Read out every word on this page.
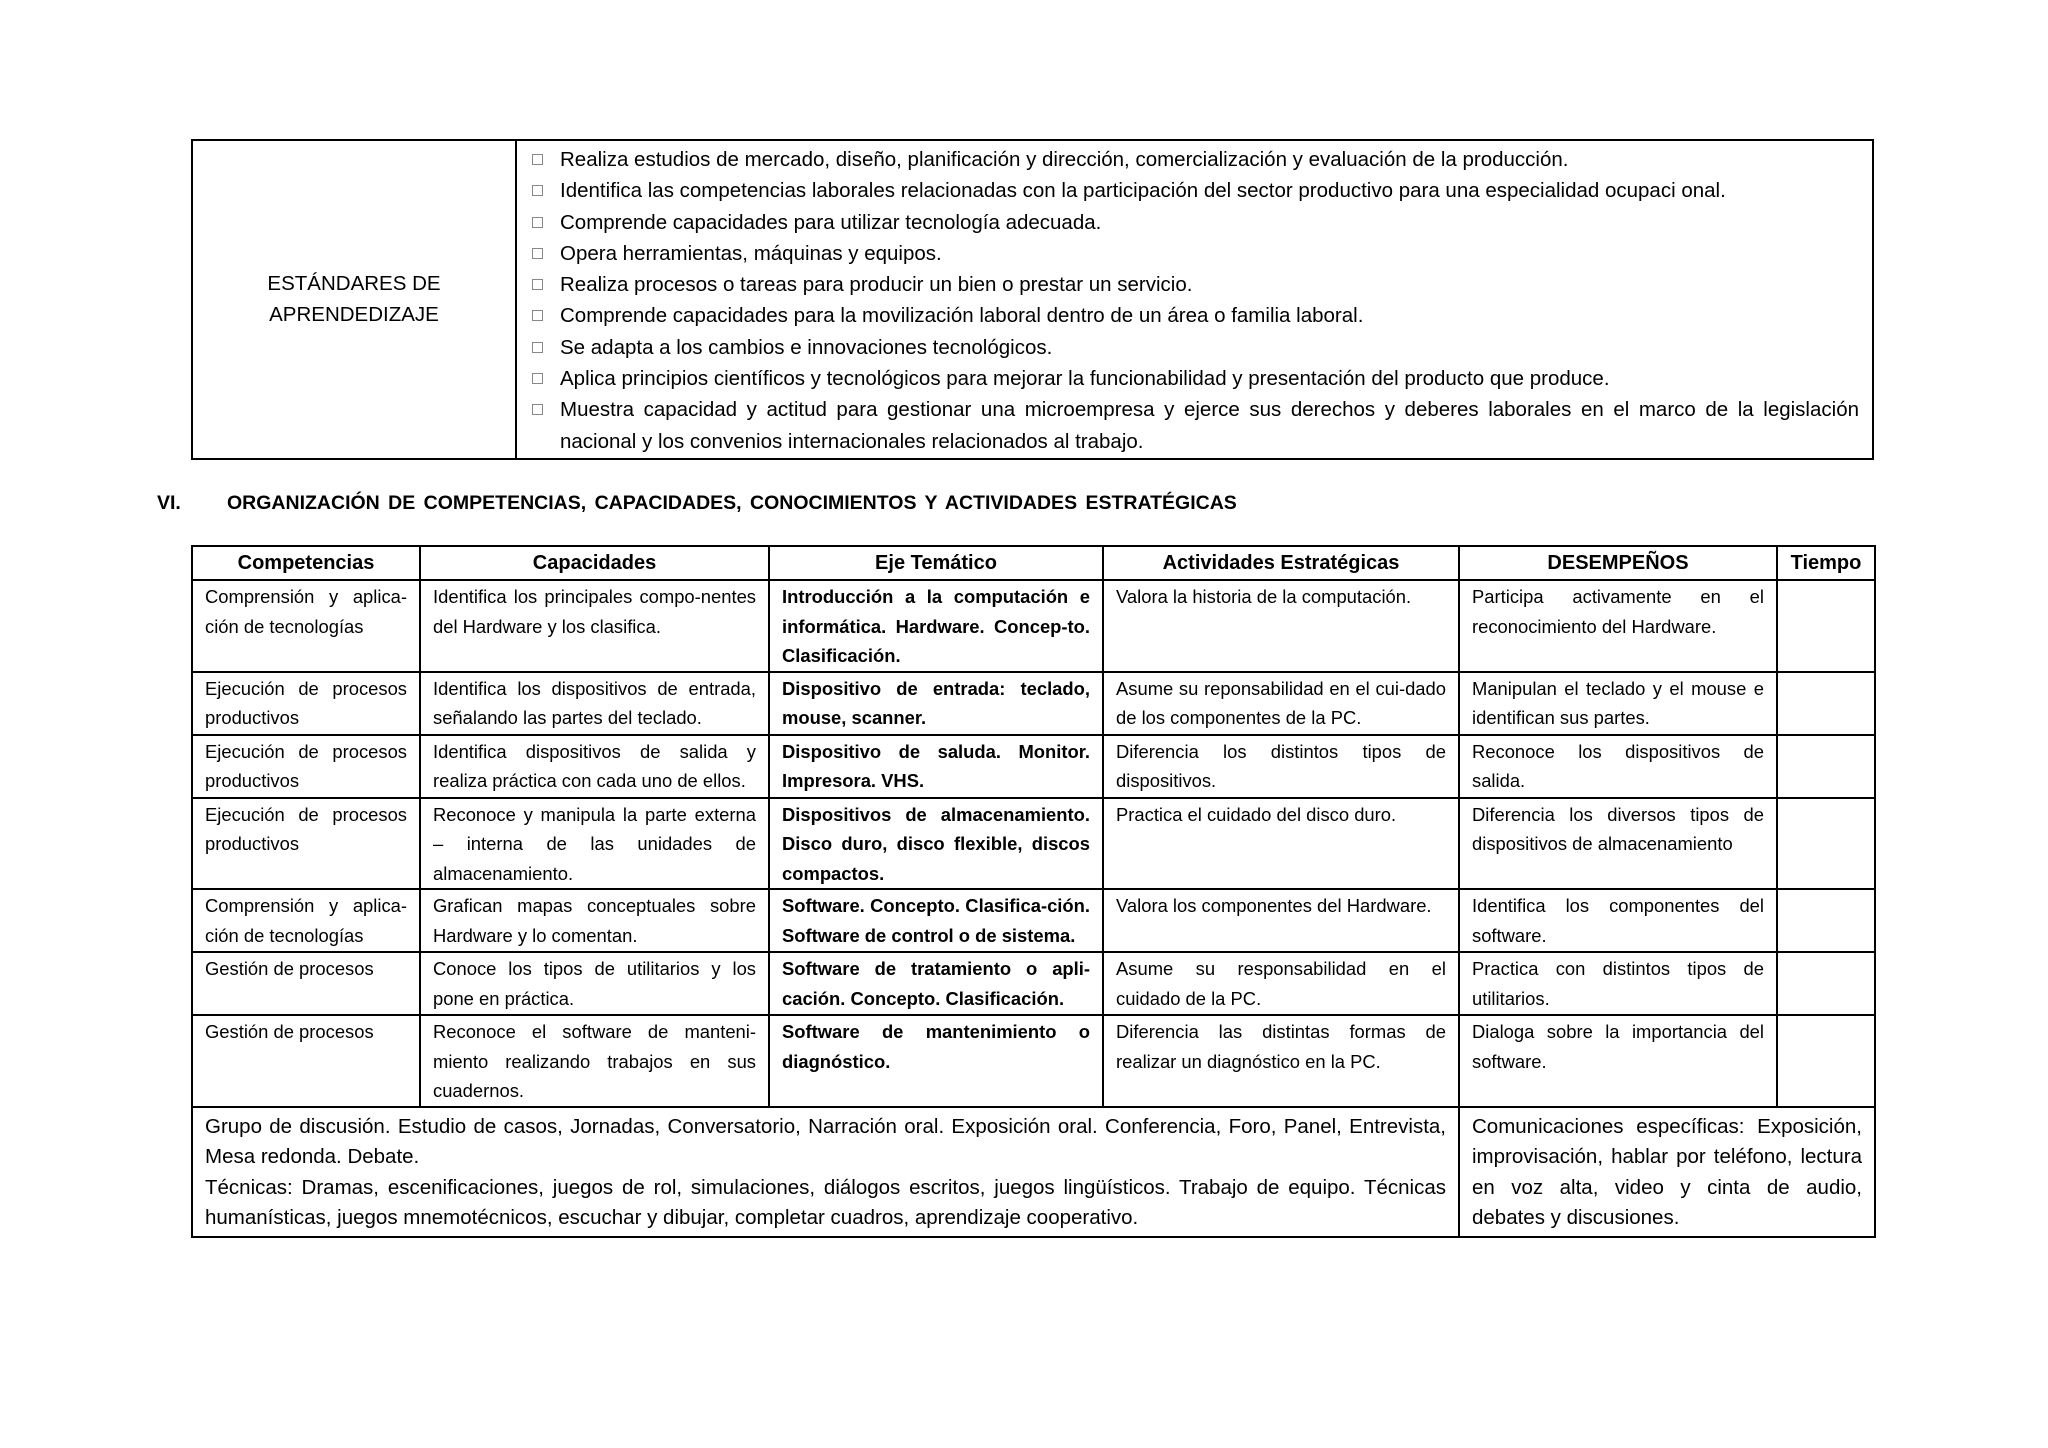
ESTÁNDARES DE
APRENDEDIZAJE

Realiza estudios de mercado, diseño, planificación y dirección, comercialización y evaluación de la producción.
Identifica las competencias laborales relacionadas con la participación del sector productivo para una especialidad ocupaci onal.
Comprende capacidades para utilizar tecnología adecuada.
Opera herramientas, máquinas y equipos.
Realiza procesos o tareas para producir un bien o prestar un servicio.
Comprende capacidades para la movilización laboral dentro de un área o familia laboral.
Se adapta a los cambios e innovaciones tecnológicos.
Aplica principios científicos y tecnológicos para mejorar la funcionabilidad y presentación del producto que produce.
Muestra capacidad y actitud para gestionar una microempresa y ejerce sus derechos y deberes laborales en el marco de la legislación nacional y los convenios internacionales relacionados al trabajo.
VI. ORGANIZACIÓN DE COMPETENCIAS, CAPACIDADES, CONOCIMIENTOS Y ACTIVIDADES ESTRATÉGICAS
Competencias	Capacidades	Eje Temático	Actividades Estratégicas	DESEMPEÑOS	Tiempo
Comprensión y aplica-ción de tecnologías	Identifica los principales compo-nentes del Hardware y los clasifica.	Introducción a la computación e informática. Hardware. Concep-to. Clasificación.	Valora la historia de la computación.	Participa activamente en el reconocimiento del Hardware.	
Ejecución de procesos productivos	Identifica los dispositivos de entrada, señalando las partes del teclado.	Dispositivo de entrada: teclado, mouse, scanner.	Asume su reponsabilidad en el cui-dado de los componentes de la PC.	Manipulan el teclado y el mouse e identifican sus partes.	
Ejecución de procesos productivos	Identifica dispositivos de salida y realiza práctica con cada uno de ellos.	Dispositivo de saluda. Monitor. Impresora. VHS.	Diferencia los distintos tipos de dispositivos.	Reconoce los dispositivos de salida.	
Ejecución de procesos productivos	Reconoce y manipula la parte externa – interna de las unidades de almacenamiento.	Dispositivos de almacenamiento. Disco duro, disco flexible, discos compactos.	Practica el cuidado del disco duro.	Diferencia los diversos tipos de dispositivos de almacenamiento	
Comprensión y aplica-ción de tecnologías	Grafican mapas conceptuales sobre Hardware y lo comentan.	Software. Concepto. Clasifica-ción. Software de control o de sistema.	Valora los componentes del Hardware.	Identifica los componentes del software.	
Gestión de procesos	Conoce los tipos de utilitarios y los pone en práctica.	Software de tratamiento o apli-cación. Concepto. Clasificación.	Asume su responsabilidad en el cuidado de la PC.	Practica con distintos tipos de utilitarios.	
Gestión de procesos	Reconoce el software de manteni-miento realizando trabajos en sus cuadernos.	Software de mantenimiento o diagnóstico.	Diferencia las distintas formas de realizar un diagnóstico en la PC.	Dialoga sobre la importancia del software.	

Grupo de discusión. Estudio de casos, Jornadas, Conversatorio, Narración oral. Exposición oral. Conferencia, Foro, Panel, Entrevista, Mesa redonda. Debate.
Técnicas: Dramas, escenificaciones, juegos de rol, simulaciones, diálogos escritos, juegos lingüísticos. Trabajo de equipo. Técnicas humanísticas, juegos mnemotécnicos, escuchar y dibujar, completar cuadros, aprendizaje cooperativo.				Comunicaciones específicas: Exposición, improvisación, hablar por teléfono, lectura en voz alta, video y cinta de audio, debates y discusiones.	
